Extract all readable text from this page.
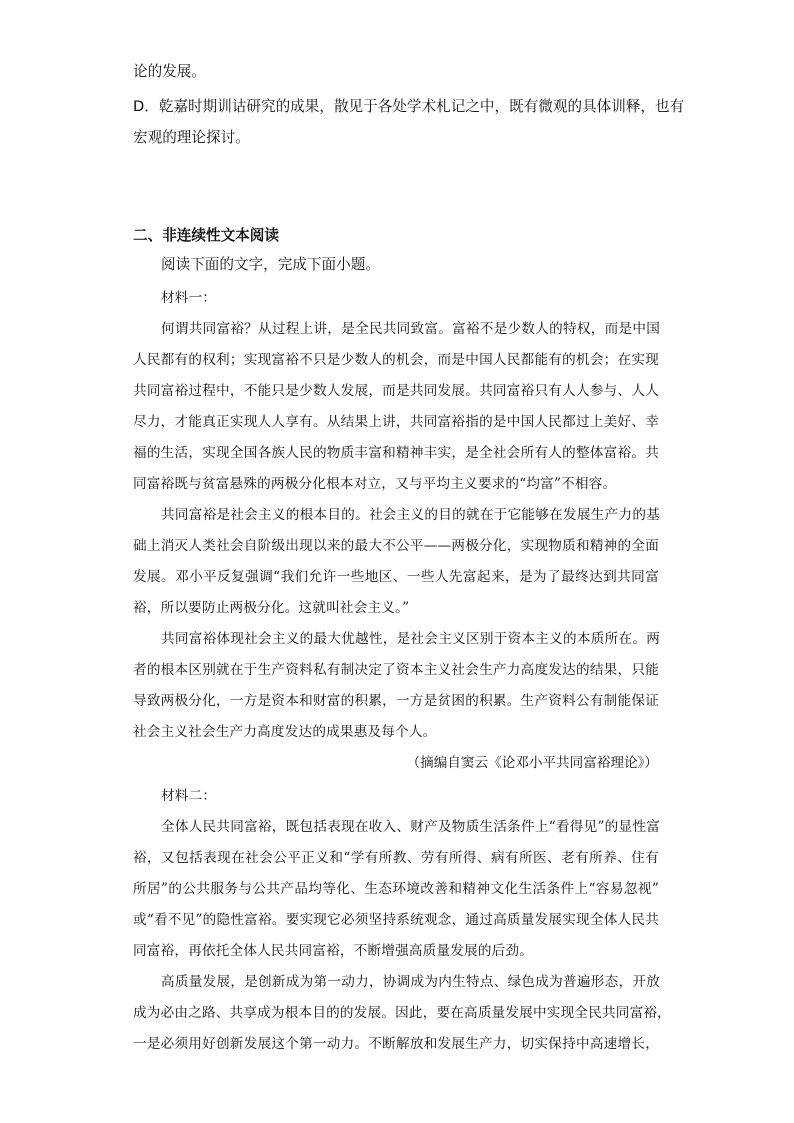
论的发展。
D．乾嘉时期训诂研究的成果，散见于各处学术札记之中，既有微观的具体训释，也有
宏观的理论探讨。
二、非连续性文本阅读
阅读下面的文字，完成下面小题。
材料一：
何谓共同富裕？从过程上讲，是全民共同致富。富裕不是少数人的特权，而是中国
人民都有的权利；实现富裕不只是少数人的机会，而是中国人民都能有的机会；在实现
共同富裕过程中，不能只是少数人发展，而是共同发展。共同富裕只有人人参与、人人
尽力，才能真正实现人人享有。从结果上讲，共同富裕指的是中国人民都过上美好、幸
福的生活，实现全国各族人民的物质丰富和精神丰实，是全社会所有人的整体富裕。共
同富裕既与贫富悬殊的两极分化根本对立，又与平均主义要求的“均富”不相容。
共同富裕是社会主义的根本目的。社会主义的目的就在于它能够在发展生产力的基
础上消灭人类社会自阶级出现以来的最大不公平——两极分化，实现物质和精神的全面
发展。邓小平反复强调“我们允许一些地区、一些人先富起来，是为了最终达到共同富
裕，所以要防止两极分化。这就叫社会主义。”
共同富裕体现社会主义的最大优越性，是社会主义区别于资本主义的本质所在。两
者的根本区别就在于生产资料私有制决定了资本主义社会生产力高度发达的结果，只能
导致两极分化，一方是资本和财富的积累，一方是贫困的积累。生产资料公有制能保证
社会主义社会生产力高度发达的成果惠及每个人。
（摘编自窦云《论邓小平共同富裕理论》）
材料二：
全体人民共同富裕，既包括表现在收入、财产及物质生活条件上“看得见”的显性富
裕，又包括表现在社会公平正义和“学有所教、劳有所得、病有所医、老有所养、住有
所居”的公共服务与公共产品均等化、生态环境改善和精神文化生活条件上“容易忽视”
或“看不见”的隐性富裕。要实现它必须坚持系统观念，通过高质量发展实现全体人民共
同富裕，再依托全体人民共同富裕，不断增强高质量发展的后劲。
高质量发展，是创新成为第一动力，协调成为内生特点、绿色成为普遍形态，开放
成为必由之路、共享成为根本目的的发展。因此，要在高质量发展中实现全民共同富裕，
一是必须用好创新发展这个第一动力。不断解放和发展生产力，切实保持中高速增长，
